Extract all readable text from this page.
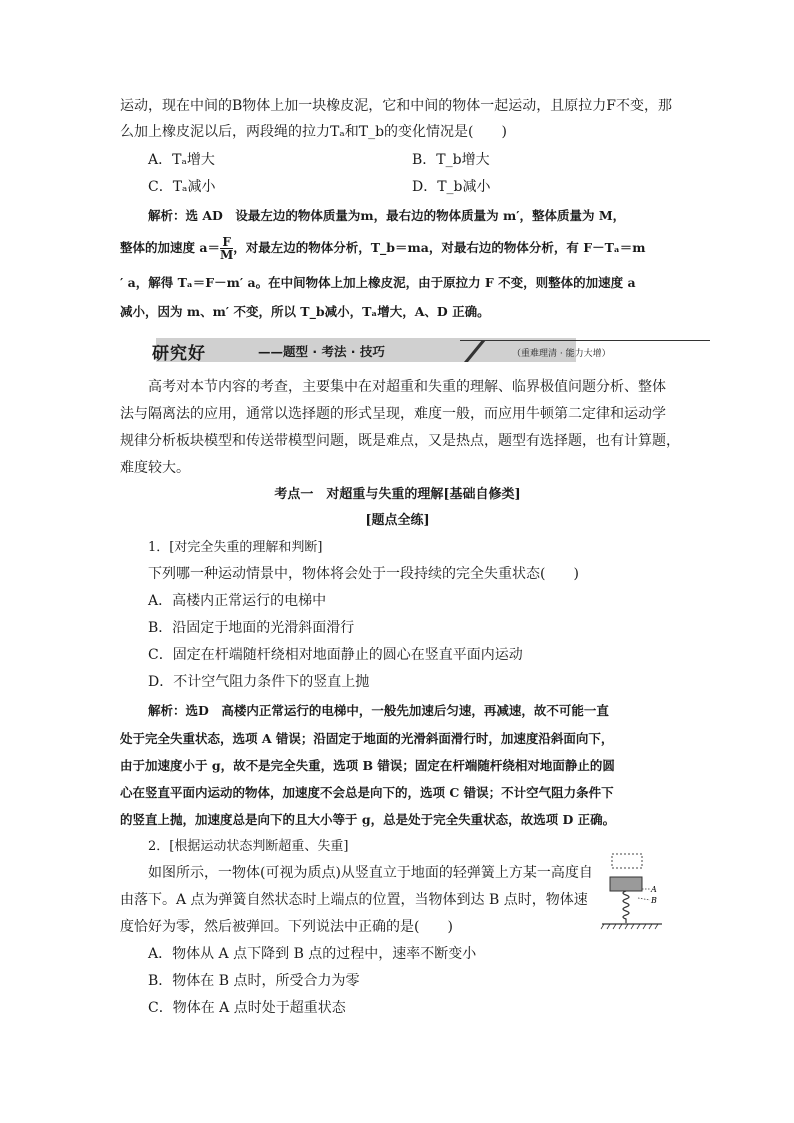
运动，现在中间的B物体上加一块橡皮泥，它和中间的物体一起运动，且原拉力F不变，那
么加上橡皮泥以后，两段绳的拉力Tₐ和T_b的变化情况是(　　)
A．Tₐ增大	B．T_b增大
C．Tₐ减小	D．T_b减小
解析：选 AD　设最左边的物体质量为m，最右边的物体质量为 m′，整体质量为 M，
整体的加速度 $a= \frac{F}{M}$ ，对最左边的物体分析，T_b＝ma，对最右边的物体分析，有 F－Tₐ＝m
′ a，解得 Tₐ＝F－m′ a。在中间物体上加上橡皮泥，由于原拉力 F 不变，则整体的加速度 a
减小，因为 m、m′ 不变，所以 T_b减小，Tₐ增大，A、D 正确。
研究好	——题型 · 考法 · 技巧	（重难理清 · 能力大增）
高考对本节内容的考查，主要集中在对超重和失重的理解、临界极值问题分析、整体
法与隔离法的应用，通常以选择题的形式呈现，难度一般，而应用牛顿第二定律和运动学
规律分析板块模型和传送带模型问题，既是难点，又是热点，题型有选择题，也有计算题，
难度较大。
考点一　对超重与失重的理解[基础自修类]
[题点全练]
1．[对完全失重的理解和判断]
下列哪一种运动情景中，物体将会处于一段持续的完全失重状态(　　)
A．高楼内正常运行的电梯中
B．沿固定于地面的光滑斜面滑行
C．固定在杆端随杆绕相对地面静止的圆心在竖直平面内运动
D．不计空气阻力条件下的竖直上抛
解析：选D　高楼内正常运行的电梯中，一般先加速后匀速，再减速，故不可能一直
处于完全失重状态，选项 A 错误；沿固定于地面的光滑斜面滑行时，加速度沿斜面向下，
由于加速度小于 g，故不是完全失重，选项 B 错误；固定在杆端随杆绕相对地面静止的圆
心在竖直平面内运动的物体，加速度不会总是向下的，选项 C 错误；不计空气阻力条件下
的竖直上抛，加速度总是向下的且大小等于 g，总是处于完全失重状态，故选项 D 正确。
2．[根据运动状态判断超重、失重]
如图所示，一物体(可视为质点)从竖直立于地面的轻弹簧上方某一高度自
由落下。A 点为弹簧自然状态时上端点的位置，当物体到达 B 点时，物体速
度恰好为零，然后被弹回。下列说法中正确的是(　　)
A．物体从 A 点下降到 B 点的过程中，速率不断变小
B．物体在 B 点时，所受合力为零
C．物体在 A 点时处于超重状态
A
B
